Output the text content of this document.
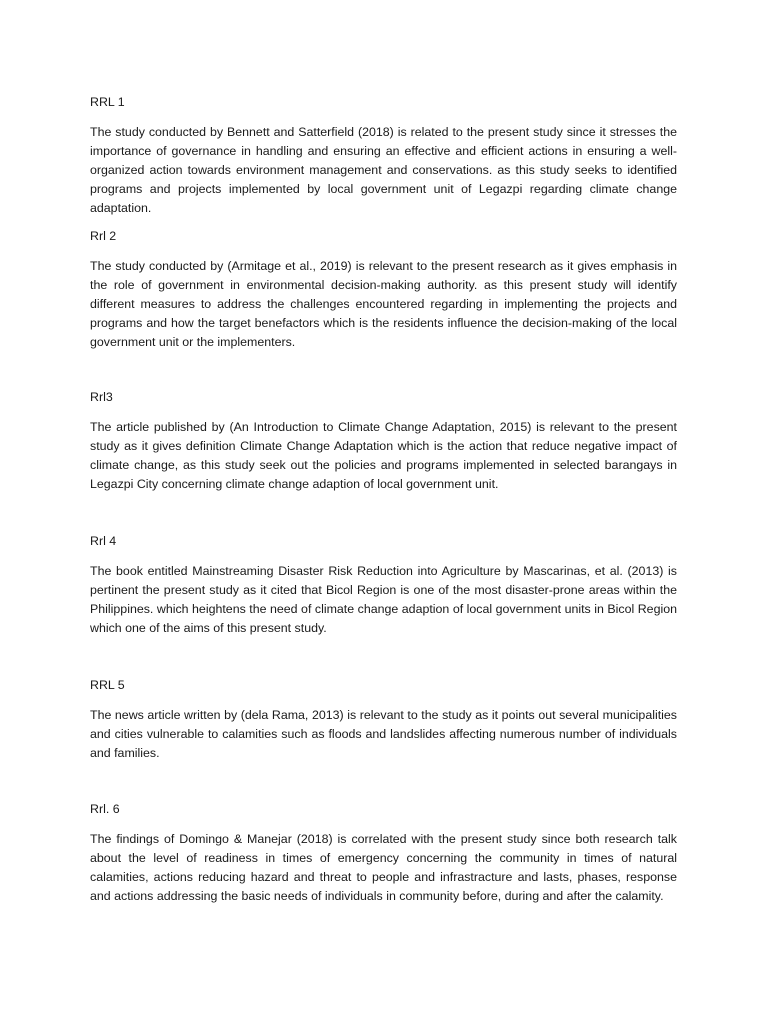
RRL 1

The study conducted by Bennett and Satterfield (2018) is related to the present study since it stresses the importance of governance in handling and ensuring an effective and efficient actions in ensuring a well-organized action towards environment management and conservations. as this study seeks to identified programs and projects implemented by local government unit of Legazpi regarding climate change adaptation.

Rrl 2

The study conducted by (Armitage et al., 2019) is relevant to the present research as it gives emphasis in the role of government in environmental decision-making authority. as this present study will identify different measures to address the challenges encountered regarding in implementing the projects and programs and how the target benefactors which is the residents influence the decision-making of the local government unit or the implementers.

Rrl3

The article published by (An Introduction to Climate Change Adaptation, 2015) is relevant to the present study as it gives definition Climate Change Adaptation which is the action that reduce negative impact of climate change, as this study seek out the policies and programs implemented in selected barangays in Legazpi City concerning climate change adaption of local government unit.

Rrl 4

The book entitled Mainstreaming Disaster Risk Reduction into Agriculture by Mascarinas, et al. (2013) is pertinent the present study as it cited that Bicol Region is one of the most disaster-prone areas within the Philippines. which heightens the need of climate change adaption of local government units in Bicol Region which one of the aims of this present study.

RRL 5

The news article written by (dela Rama, 2013) is relevant to the study as it points out several municipalities and cities vulnerable to calamities such as floods and landslides affecting numerous number of individuals and families.

Rrl. 6

The findings of Domingo & Manejar (2018) is correlated with the present study since both research talk about the level of readiness in times of emergency concerning the community in times of natural calamities, actions reducing hazard and threat to people and infrastracture and lasts, phases, response and actions addressing the basic needs of individuals in community before, during and after the calamity.
